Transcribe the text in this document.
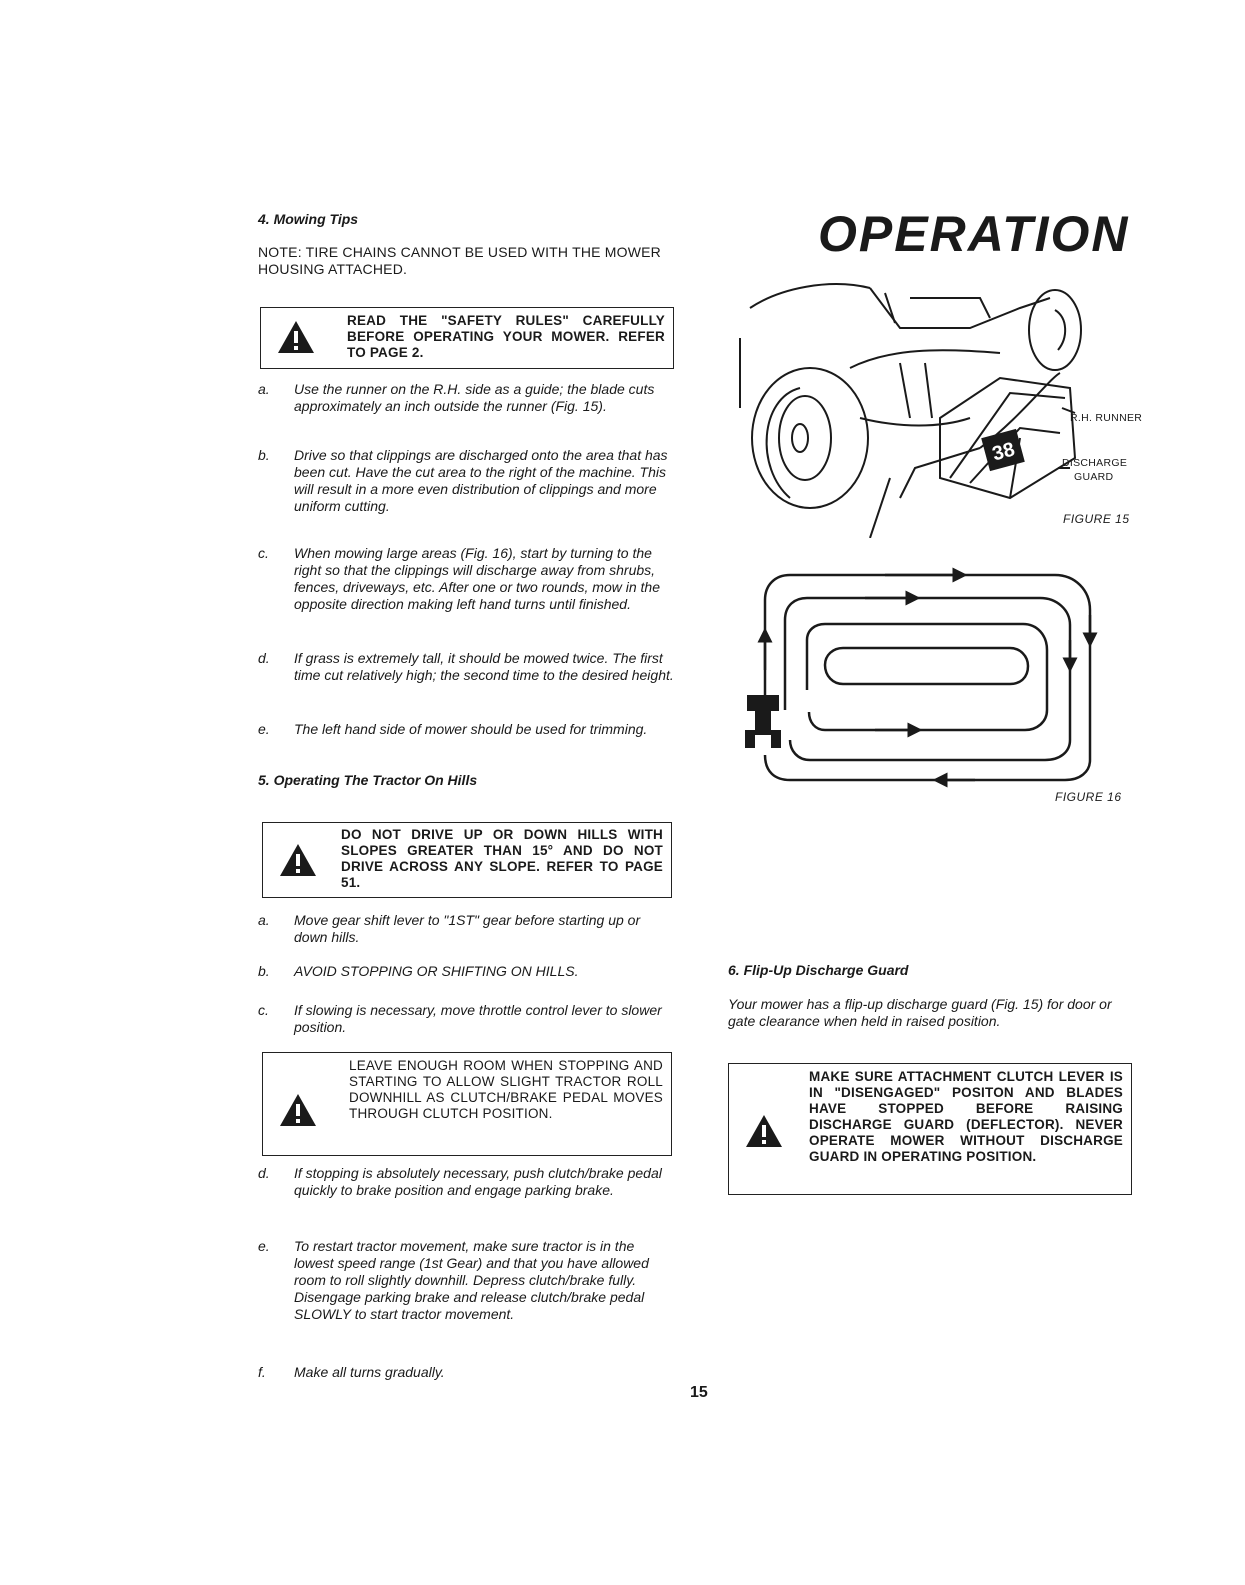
4. Mowing Tips
NOTE: TIRE CHAINS CANNOT BE USED WITH THE MOWER HOUSING ATTACHED.
READ THE "SAFETY RULES" CAREFULLY BEFORE OPERATING YOUR MOWER. REFER TO PAGE 2.
a. Use the runner on the R.H. side as a guide; the blade cuts approximately an inch outside the runner (Fig. 15).
b. Drive so that clippings are discharged onto the area that has been cut. Have the cut area to the right of the machine. This will result in a more even distribution of clippings and more uniform cutting.
c. When mowing large areas (Fig. 16), start by turning to the right so that the clippings will discharge away from shrubs, fences, driveways, etc. After one or two rounds, mow in the opposite direction making left hand turns until finished.
d. If grass is extremely tall, it should be mowed twice. The first time cut relatively high; the second time to the desired height.
e. The left hand side of mower should be used for trimming.
5. Operating The Tractor On Hills
DO NOT DRIVE UP OR DOWN HILLS WITH SLOPES GREATER THAN 15° AND DO NOT DRIVE ACROSS ANY SLOPE. REFER TO PAGE 51.
a. Move gear shift lever to "1ST" gear before starting up or down hills.
b. AVOID STOPPING OR SHIFTING ON HILLS.
c. If slowing is necessary, move throttle control lever to slower position.
LEAVE ENOUGH ROOM WHEN STOPPING AND STARTING TO ALLOW SLIGHT TRACTOR ROLL DOWNHILL AS CLUTCH/BRAKE PEDAL MOVES THROUGH CLUTCH POSITION.
d. If stopping is absolutely necessary, push clutch/brake pedal quickly to brake position and engage parking brake.
e. To restart tractor movement, make sure tractor is in the lowest speed range (1st Gear) and that you have allowed room to roll slightly downhill. Depress clutch/brake fully. Disengage parking brake and release clutch/brake pedal SLOWLY to start tractor movement.
f. Make all turns gradually.
15
OPERATION
38
R.H. RUNNER
DISCHARGE
GUARD
FIGURE 15
FIGURE 16
6. Flip-Up Discharge Guard
Your mower has a flip-up discharge guard (Fig. 15) for door or gate clearance when held in raised position.
MAKE SURE ATTACHMENT CLUTCH LEVER IS IN "DISENGAGED" POSITON AND BLADES HAVE STOPPED BEFORE RAISING DISCHARGE GUARD (DEFLECTOR). NEVER OPERATE MOWER WITHOUT DISCHARGE GUARD IN OPERATING POSITION.
